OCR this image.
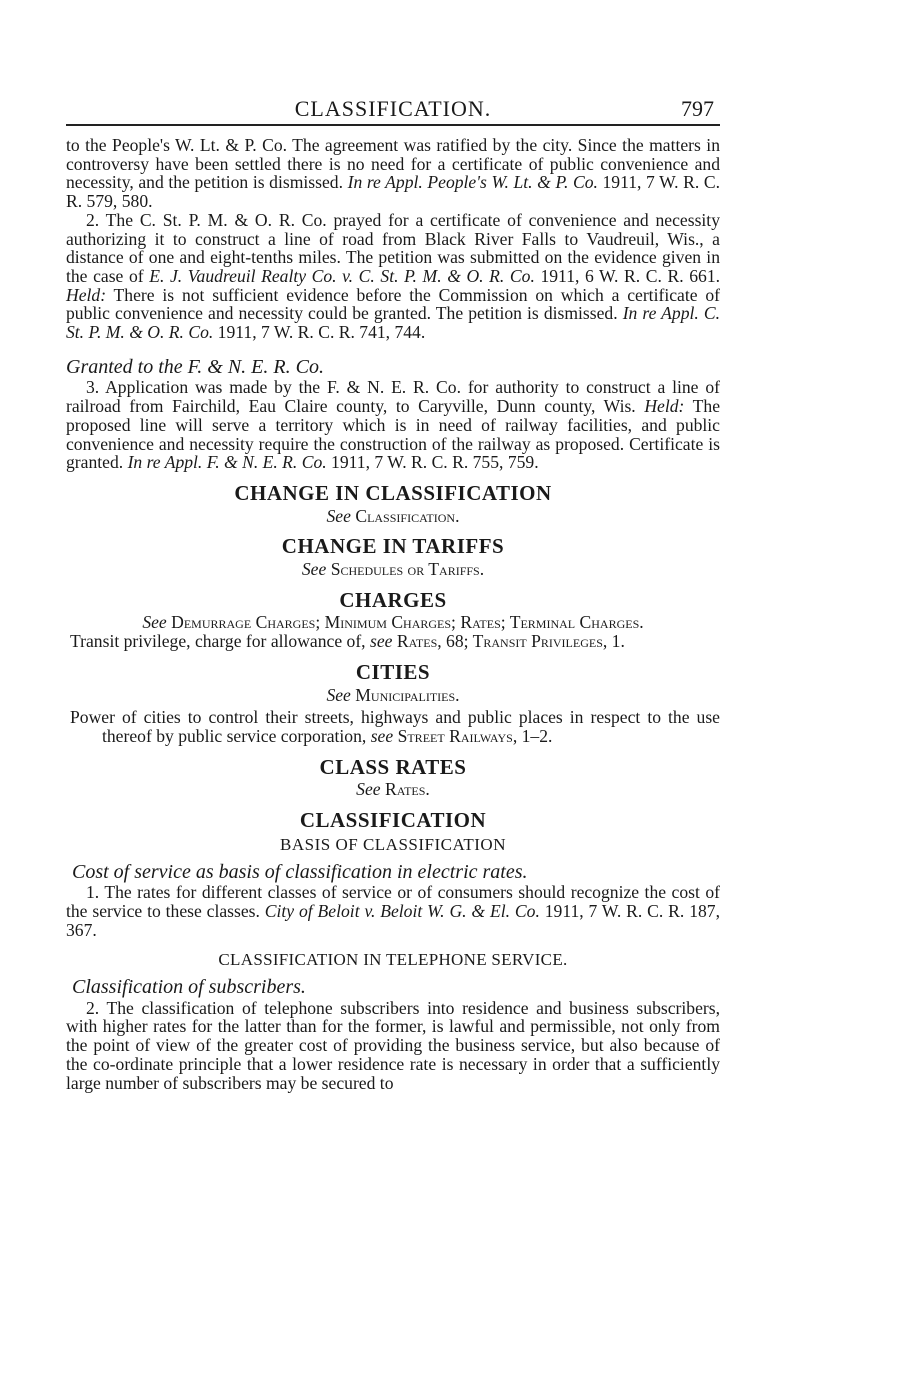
CLASSIFICATION.	797

to the People's W. Lt. & P. Co. The agreement was ratified by the city. Since the matters in controversy have been settled there is no need for a certificate of public convenience and necessity, and the petition is dismissed. In re Appl. People's W. Lt. & P. Co. 1911, 7 W. R. C. R. 579, 580.

2. The C. St. P. M. & O. R. Co. prayed for a certificate of convenience and necessity authorizing it to construct a line of road from Black River Falls to Vaudreuil, Wis., a distance of one and eight-tenths miles. The petition was submitted on the evidence given in the case of E. J. Vaudreuil Realty Co. v. C. St. P. M. & O. R. Co. 1911, 6 W. R. C. R. 661. Held: There is not sufficient evidence before the Commission on which a certificate of public convenience and necessity could be granted. The petition is dismissed. In re Appl. C. St. P. M. & O. R. Co. 1911, 7 W. R. C. R. 741, 744.

Granted to the F. & N. E. R. Co.

3. Application was made by the F. & N. E. R. Co. for authority to construct a line of railroad from Fairchild, Eau Claire county, to Caryville, Dunn county, Wis. Held: The proposed line will serve a territory which is in need of railway facilities, and public convenience and necessity require the construction of the railway as proposed. Certificate is granted. In re Appl. F. & N. E. R. Co. 1911, 7 W. R. C. R. 755, 759.

CHANGE IN CLASSIFICATION
See Classification.
CHANGE IN TARIFFS
See Schedules or Tariffs.
CHARGES
See Demurrage Charges; Minimum Charges; Rates; Terminal Charges.

Transit privilege, charge for allowance of, see Rates, 68; Transit Privileges, 1.

CITIES
See Municipalities.

Power of cities to control their streets, highways and public places in respect to the use thereof by public service corporation, see Street Railways, 1–2.

CLASS RATES
See Rates.
CLASSIFICATION
BASIS OF CLASSIFICATION
Cost of service as basis of classification in electric rates.

1. The rates for different classes of service or of consumers should recognize the cost of the service to these classes. City of Beloit v. Beloit W. G. & El. Co. 1911, 7 W. R. C. R. 187, 367.

CLASSIFICATION IN TELEPHONE SERVICE.
Classification of subscribers.

2. The classification of telephone subscribers into residence and business subscribers, with higher rates for the latter than for the former, is lawful and permissible, not only from the point of view of the greater cost of providing the business service, but also because of the co-ordinate principle that a lower residence rate is necessary in order that a sufficiently large number of subscribers may be secured to
